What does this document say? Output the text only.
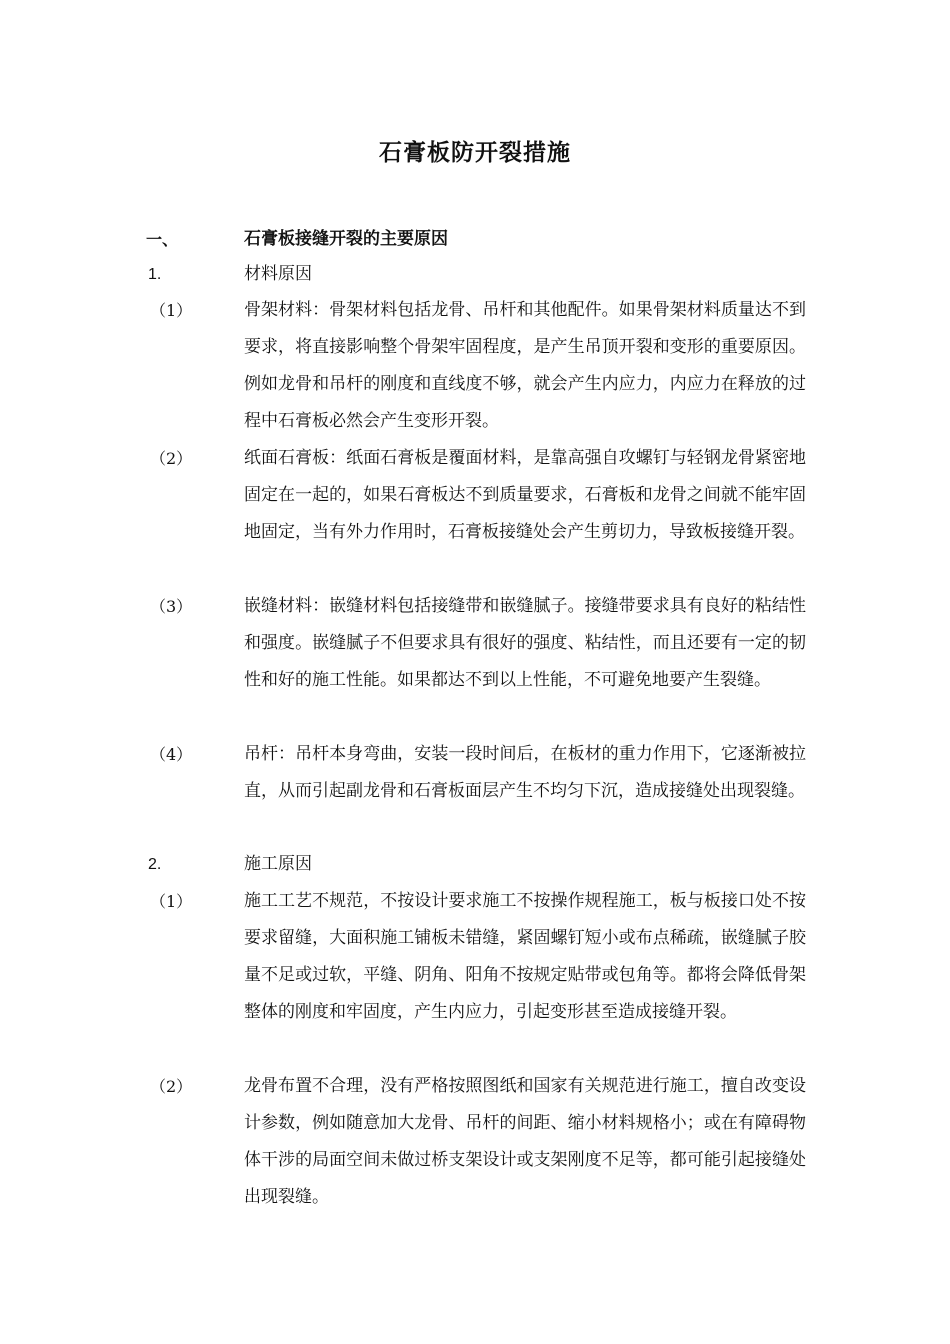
石膏板防开裂措施
一、	石膏板接缝开裂的主要原因
1.	材料原因
（1）	骨架材料：骨架材料包括龙骨、吊杆和其他配件。如果骨架材料质量达不到要求，将直接影响整个骨架牢固程度，是产生吊顶开裂和变形的重要原因。例如龙骨和吊杆的刚度和直线度不够，就会产生内应力，内应力在释放的过程中石膏板必然会产生变形开裂。
（2）	纸面石膏板：纸面石膏板是覆面材料，是靠高强自攻螺钉与轻钢龙骨紧密地固定在一起的，如果石膏板达不到质量要求，石膏板和龙骨之间就不能牢固地固定，当有外力作用时，石膏板接缝处会产生剪切力，导致板接缝开裂。
（3）	嵌缝材料：嵌缝材料包括接缝带和嵌缝腻子。接缝带要求具有良好的粘结性和强度。嵌缝腻子不但要求具有很好的强度、粘结性，而且还要有一定的韧性和好的施工性能。如果都达不到以上性能，不可避免地要产生裂缝。
（4）	吊杆：吊杆本身弯曲，安装一段时间后，在板材的重力作用下，它逐渐被拉直，从而引起副龙骨和石膏板面层产生不均匀下沉，造成接缝处出现裂缝。
2.	施工原因
（1）	施工工艺不规范，不按设计要求施工不按操作规程施工，板与板接口处不按要求留缝，大面积施工铺板未错缝，紧固螺钉短小或布点稀疏，嵌缝腻子胶量不足或过软，平缝、阴角、阳角不按规定贴带或包角等。都将会降低骨架整体的刚度和牢固度，产生内应力，引起变形甚至造成接缝开裂。
（2）	龙骨布置不合理，没有严格按照图纸和国家有关规范进行施工，擅自改变设计参数，例如随意加大龙骨、吊杆的间距、缩小材料规格小；或在有障碍物体干涉的局面空间未做过桥支架设计或支架刚度不足等，都可能引起接缝处出现裂缝。
